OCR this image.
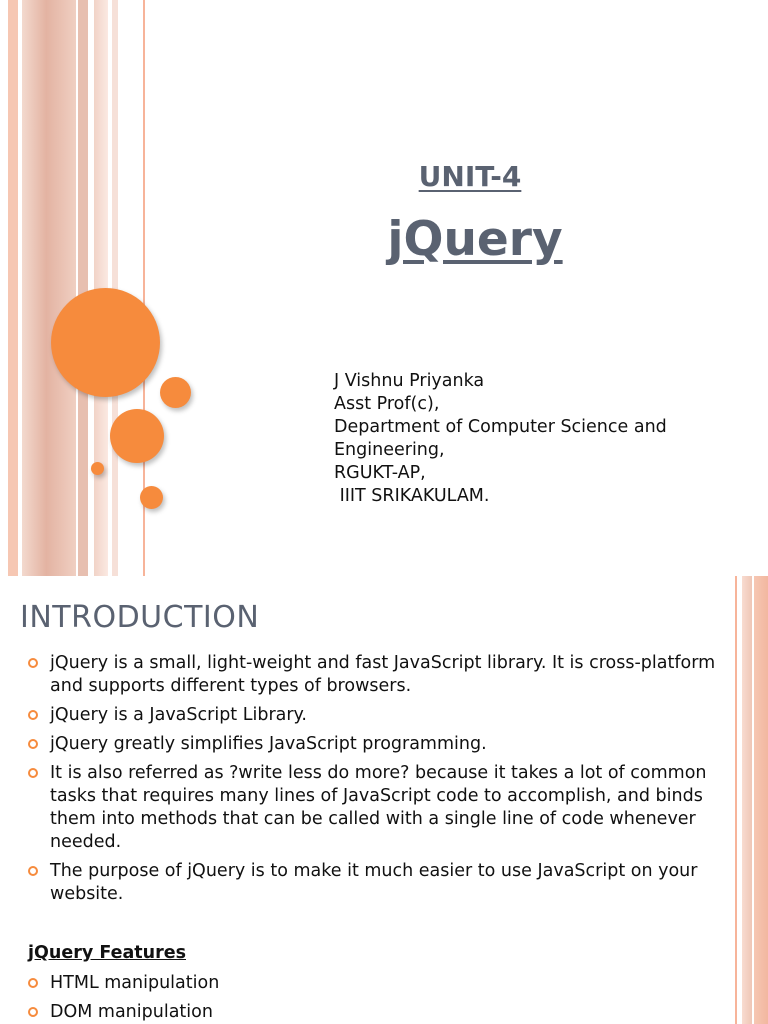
UNIT-4
jQuery
J Vishnu Priyanka
Asst Prof(c),
Department of Computer Science and
Engineering,
RGUKT-AP,
IIIT SRIKAKULAM.
INTRODUCTION
jQuery is a small, light-weight and fast JavaScript library. It is cross-platform and supports different types of browsers.
jQuery is a JavaScript Library.
jQuery greatly simplifies JavaScript programming.
It is also referred as ?write less do more? because it takes a lot of common tasks that requires many lines of JavaScript code to accomplish, and binds them into methods that can be called with a single line of code whenever needed.
The purpose of jQuery is to make it much easier to use JavaScript on your website.
jQuery Features
HTML manipulation
DOM manipulation
